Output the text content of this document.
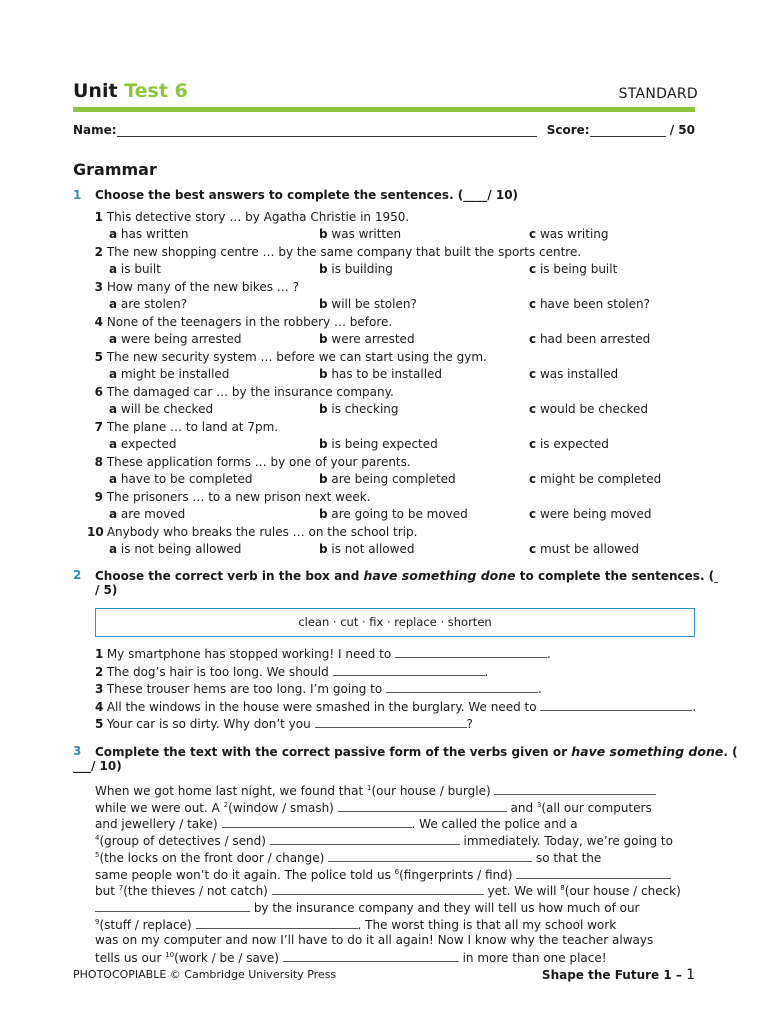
Unit Test 6	STANDARD
Name:	Score:	/ 50
Grammar
1 Choose the best answers to complete the sentences. (____/ 10)
1 This detective story … by Agatha Christie in 1950.
a has written	b was written	c was writing
2 The new shopping centre … by the same company that built the sports centre.
a is built	b is building	c is being built
3 How many of the new bikes … ?
a are stolen?	b will be stolen?	c have been stolen?
4 None of the teenagers in the robbery … before.
a were being arrested	b were arrested	c had been arrested
5 The new security system … before we can start using the gym.
a might be installed	b has to be installed	c was installed
6 The damaged car … by the insurance company.
a will be checked	b is checking	c would be checked
7 The plane … to land at 7pm.
a expected	b is being expected	c is expected
8 These application forms … by one of your parents.
a have to be completed	b are being completed	c might be completed
9 The prisoners … to a new prison next week.
a are moved	b are going to be moved	c were being moved
10 Anybody who breaks the rules … on the school trip.
a is not being allowed	b is not allowed	c must be allowed
2 Choose the correct verb in the box and have something done to complete the sentences. (
/ 5)
clean · cut · fix · replace · shorten
1 My smartphone has stopped working! I need to	.
2 The dog’s hair is too long. We should	.
3 These trouser hems are too long. I’m going to	.
4 All the windows in the house were smashed in the burglary. We need to	.
5 Your car is so dirty. Why don’t you	?
3 Complete the text with the correct passive form of the verbs given or have something done. (
___/ 10)
When we got home last night, we found that $^1$(our house / burgle)
while we were out. A $^2$(window / smash)	and $^3$(all our computers
and jewellery / take)	. We called the police and a
$^4$(group of detectives / send)	immediately. Today, we’re going to
$^5$(the locks on the front door / change)	so that the
same people won’t do it again. The police told us $^6$(fingerprints / find)
but $^7$(the thieves / not catch)	yet. We will $^8$(our house / check)
by the insurance company and they will tell us how much of our
$^9$(stuff / replace)	. The worst thing is that all my school work
was on my computer and now I’ll have to do it all again! Now I know why the teacher always
tells us our $^{10}$(work / be / save)	in more than one place!
PHOTOCOPIABLE © Cambridge University Press	Shape the Future 1 – 1
